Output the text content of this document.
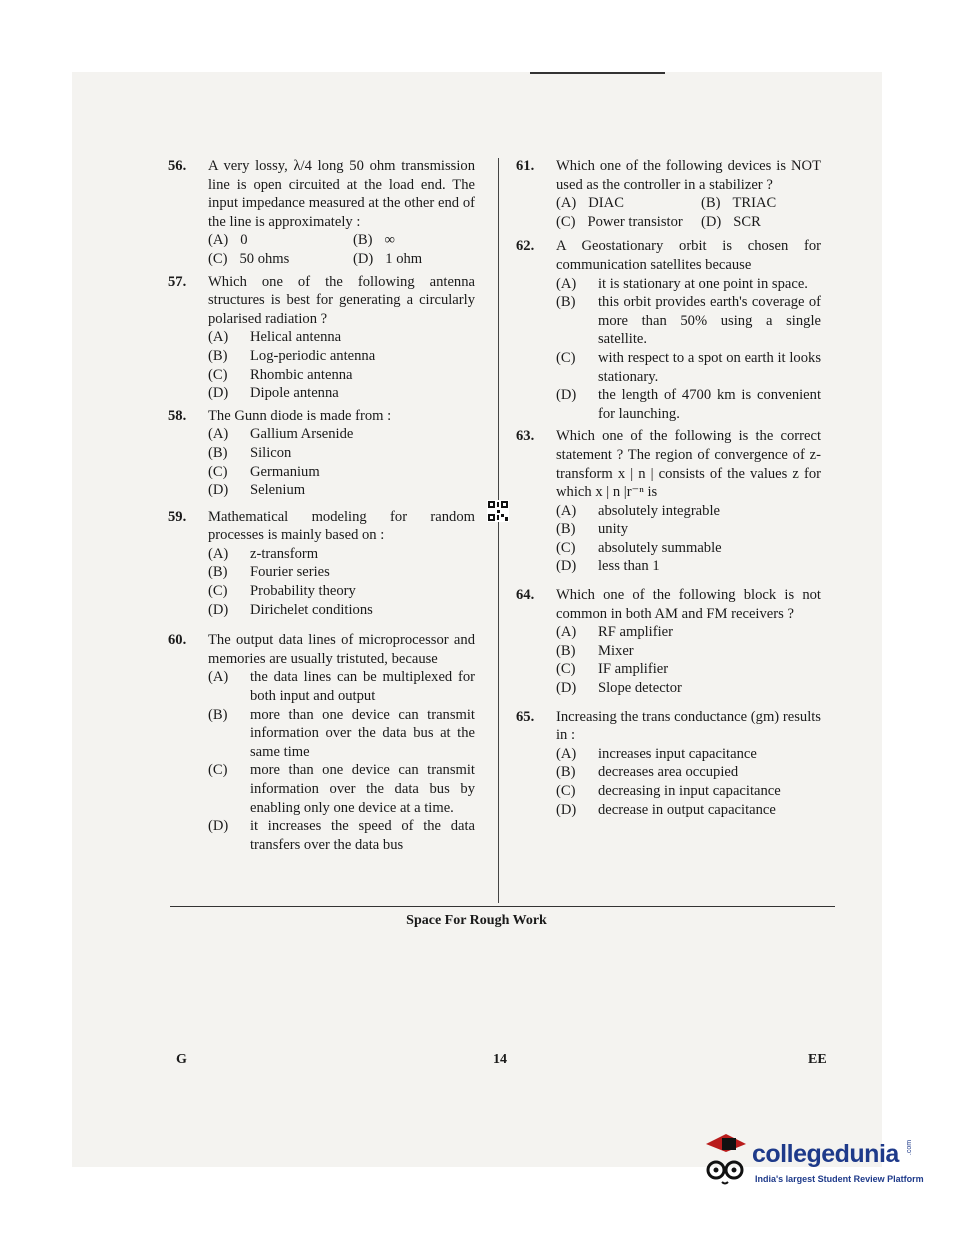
56. A very lossy, λ/4 long 50 ohm transmission line is open circuited at the load end. The input impedance measured at the other end of the line is approximately :
(A) 0	(B) ∞
(C) 50 ohms	(D) 1 ohm
57. Which one of the following antenna structures is best for generating a circularly polarised radiation ?
(A) Helical antenna
(B) Log-periodic antenna
(C) Rhombic antenna
(D) Dipole antenna
58. The Gunn diode is made from :
(A) Gallium Arsenide
(B) Silicon
(C) Germanium
(D) Selenium
59. Mathematical modeling for random processes is mainly based on :
(A) z-transform
(B) Fourier series
(C) Probability theory
(D) Dirichelet conditions
60. The output data lines of microprocessor and memories are usually tristuted, because
(A) the data lines can be multiplexed for both input and output
(B) more than one device can transmit information over the data bus at the same time
(C) more than one device can transmit information over the data bus by enabling only one device at a time.
(D) it increases the speed of the data transfers over the data bus
61. Which one of the following devices is NOT used as the controller in a stabilizer ?
(A) DIAC	(B) TRIAC
(C) Power transistor	(D) SCR
62. A Geostationary orbit is chosen for communication satellites because
(A) it is stationary at one point in space.
(B) this orbit provides earth's coverage of more than 50% using a single satellite.
(C) with respect to a spot on earth it looks stationary.
(D) the length of 4700 km is convenient for launching.
63. Which one of the following is the correct statement ? The region of convergence of z-transform x | n | consists of the values z for which x | n |r⁻ⁿ is
(A) absolutely integrable
(B) unity
(C) absolutely summable
(D) less than 1
64. Which one of the following block is not common in both AM and FM receivers ?
(A) RF amplifier
(B) Mixer
(C) IF amplifier
(D) Slope detector
65. Increasing the trans conductance (gm) results in :
(A) increases input capacitance
(B) decreases area occupied
(C) decreasing in input capacitance
(D) decrease in output capacitance
Space For Rough Work
G	14	EE
collegedunia .com
India's largest Student Review Platform
